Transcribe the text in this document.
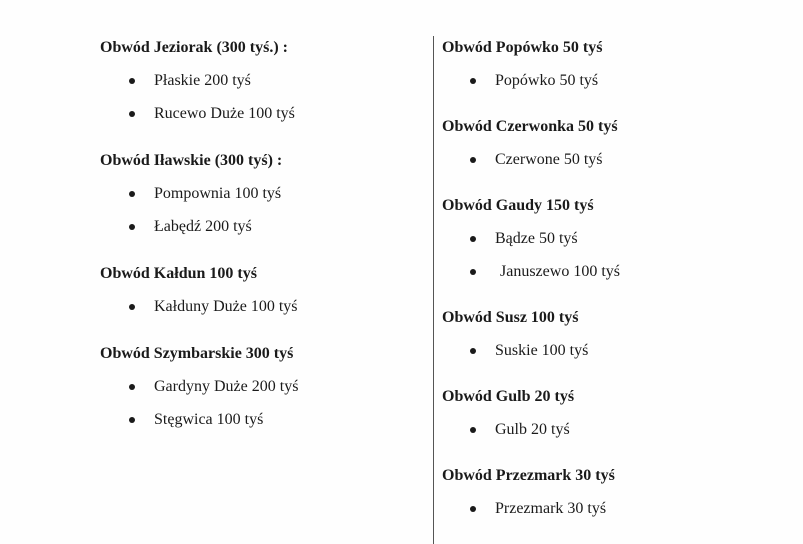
Obwód Jeziorak (300 tyś.) :
Płaskie 200 tyś
Rucewo Duże 100 tyś
Obwód Iławskie (300 tyś) :
Pompownia 100 tyś
Łabędź 200 tyś
Obwód Kałdun 100 tyś
Kałduny Duże 100 tyś
Obwód Szymbarskie 300 tyś
Gardyny Duże 200 tyś
Stęgwica 100 tyś
Obwód Popówko 50 tyś
Popówko 50 tyś
Obwód Czerwonka 50 tyś
Czerwone 50 tyś
Obwód Gaudy 150 tyś
Bądze 50 tyś
Januszewo 100 tyś
Obwód Susz 100 tyś
Suskie 100 tyś
Obwód Gulb 20 tyś
Gulb 20 tyś
Obwód Przezmark 30 tyś
Przezmark 30 tyś
